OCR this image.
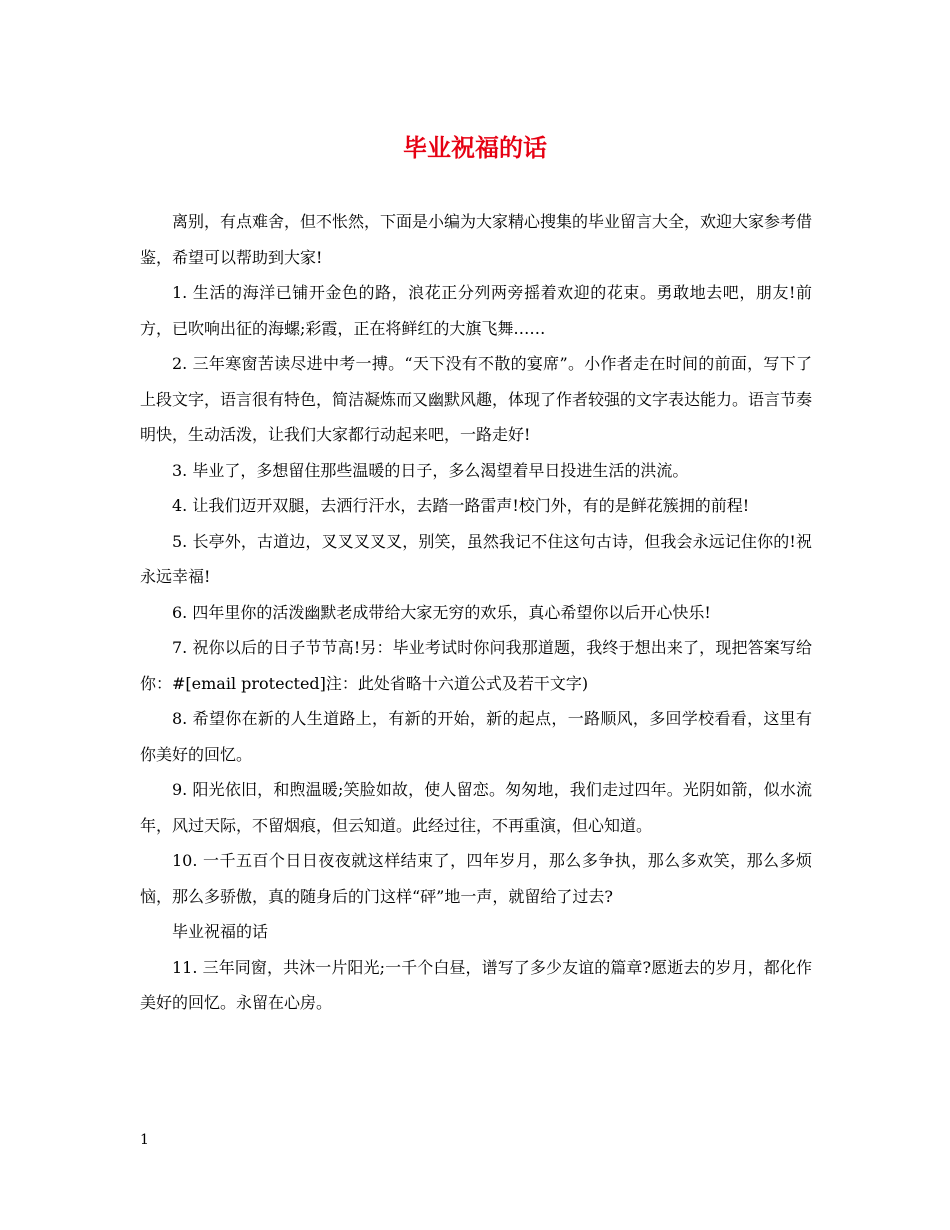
毕业祝福的话

离别，有点难舍，但不怅然，下面是小编为大家精心搜集的毕业留言大全，欢迎大家参考借鉴，希望可以帮助到大家!

1. 生活的海洋已铺开金色的路，浪花正分列两旁摇着欢迎的花束。勇敢地去吧，朋友!前方，已吹响出征的海螺;彩霞，正在将鲜红的大旗飞舞……

2. 三年寒窗苦读尽进中考一搏。“天下没有不散的宴席”。小作者走在时间的前面，写下了上段文字，语言很有特色，简洁凝炼而又幽默风趣，体现了作者较强的文字表达能力。语言节奏明快，生动活泼，让我们大家都行动起来吧，一路走好!

3. 毕业了，多想留住那些温暖的日子，多么渴望着早日投进生活的洪流。

4. 让我们迈开双腿，去洒行汗水，去踏一路雷声!校门外，有的是鲜花簇拥的前程!

5. 长亭外，古道边，叉叉叉叉叉，别笑，虽然我记不住这句古诗，但我会永远记住你的!祝永远幸福!

6. 四年里你的活泼幽默老成带给大家无穷的欢乐，真心希望你以后开心快乐!

7. 祝你以后的日子节节高!另：毕业考试时你问我那道题，我终于想出来了，现把答案写给你：#[email protected]注：此处省略十六道公式及若干文字)

8. 希望你在新的人生道路上，有新的开始，新的起点，一路顺风，多回学校看看，这里有你美好的回忆。

9. 阳光依旧，和煦温暖;笑脸如故，使人留恋。匆匆地，我们走过四年。光阴如箭，似水流年，风过天际，不留烟痕，但云知道。此经过往，不再重演，但心知道。

10. 一千五百个日日夜夜就这样结束了，四年岁月，那么多争执，那么多欢笑，那么多烦恼，那么多骄傲，真的随身后的门这样“砰”地一声，就留给了过去?

毕业祝福的话

11. 三年同窗，共沐一片阳光;一千个白昼，谱写了多少友谊的篇章?愿逝去的岁月，都化作美好的回忆。永留在心房。

1
